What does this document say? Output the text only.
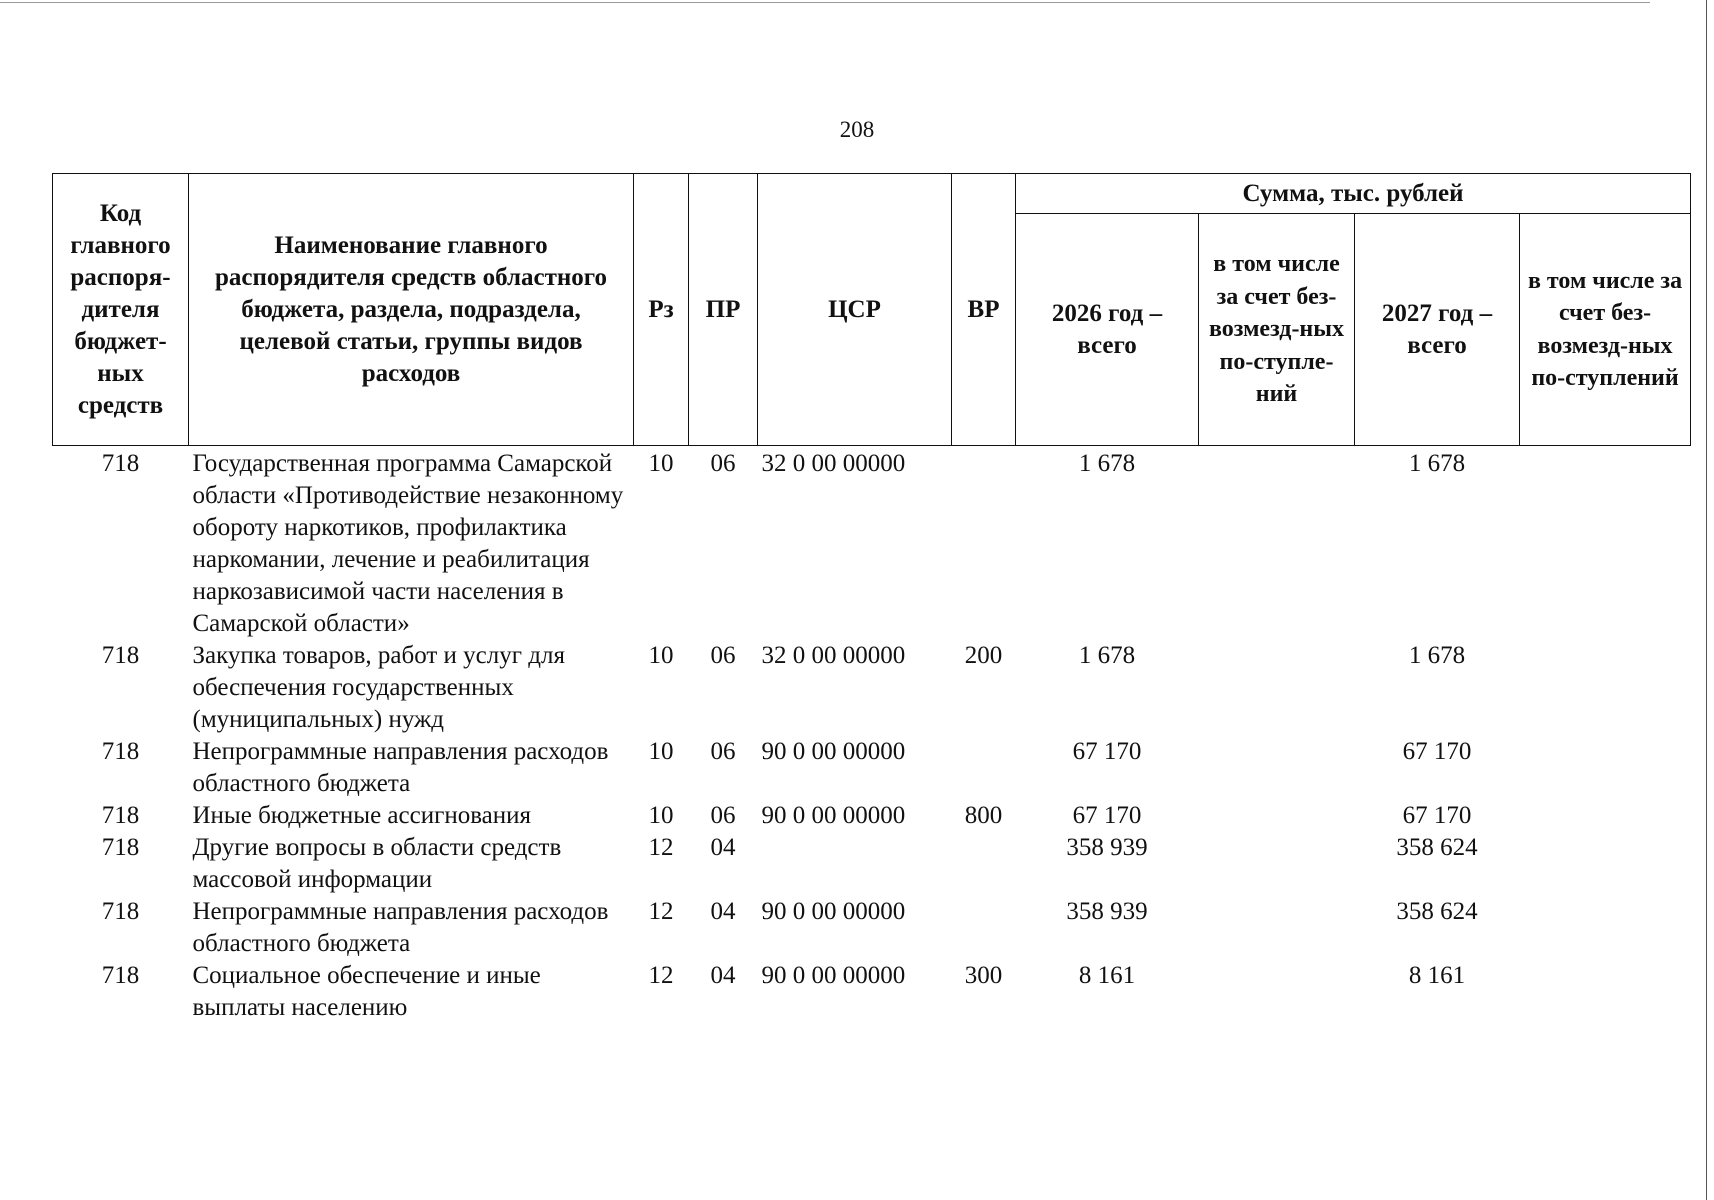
208
Код главного распоря-дителя бюджет-ных средств	Наименование главного распорядителя средств областного бюджета, раздела, подраздела, целевой статьи, группы видов расходов	Рз	ПР	ЦСР	ВР	Сумма, тыс. рублей			
						2026 год – всего	в том числе за счет без-возмезд-ных по-ступле-ний	2027 год – всего	в том числе за счет без-возмезд-ных по-ступлений
718	Государственная программа Самарской области «Противодействие незаконному обороту наркотиков, профилактика наркомании, лечение и реабилитация наркозависимой части населения в Самарской области»	10	06	32 0 00 00000		1 678		1 678	
718	Закупка товаров, работ и услуг для обеспечения государственных (муниципальных) нужд	10	06	32 0 00 00000	200	1 678		1 678	
718	Непрограммные направления расходов областного бюджета	10	06	90 0 00 00000		67 170		67 170	
718	Иные бюджетные ассигнования	10	06	90 0 00 00000	800	67 170		67 170	
718	Другие вопросы в области средств массовой информации	12	04			358 939		358 624	
718	Непрограммные направления расходов областного бюджета	12	04	90 0 00 00000		358 939		358 624	
718	Социальное обеспечение и иные выплаты населению	12	04	90 0 00 00000	300	8 161		8 161	
